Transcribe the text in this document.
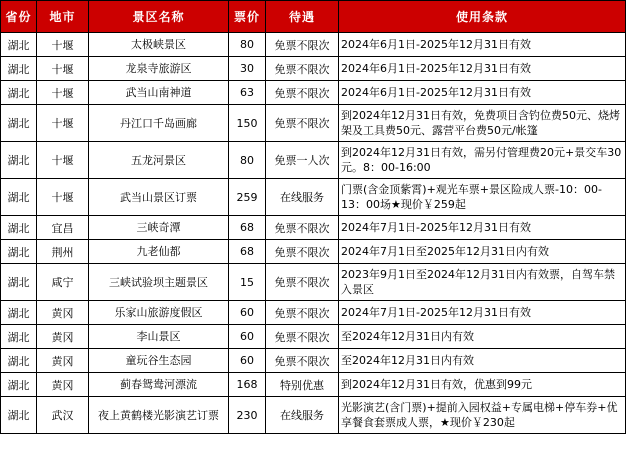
省份	地市	景区名称	票价	待遇	使用条款
湖北	十堰	太极峡景区	80	免票不限次	2024年6月1日-2025年12月31日有效
湖北	十堰	龙泉寺旅游区	30	免票不限次	2024年6月1日-2025年12月31日有效
湖北	十堰	武当山南神道	63	免票不限次	2024年6月1日-2025年12月31日有效
湖北	十堰	丹江口千岛画廊	150	免票不限次	到2024年12月31日有效，免费项目含钓位费50元、烧烤架及工具费50元、露营平台费50元/帐篷
湖北	十堰	五龙河景区	80	免票一人次	到2024年12月31日有效，需另付管理费20元+景交车30元。8：00-16:00
湖北	十堰	武当山景区订票	259	在线服务	门票(含金顶紫霄)+观光车票+景区险成人票-10：00-13：00场★现价￥259起
湖北	宜昌	三峡奇潭	68	免票不限次	2024年7月1日-2025年12月31日有效
湖北	荆州	九老仙都	68	免票不限次	2024年7月1日至2025年12月31日内有效
湖北	咸宁	三峡试验坝主题景区	15	免票不限次	2023年9月1日至2024年12月31日内有效票，自驾车禁入景区
湖北	黄冈	乐家山旅游度假区	60	免票不限次	2024年7月1日-2025年12月31日有效
湖北	黄冈	李山景区	60	免票不限次	至2024年12月31日内有效
湖北	黄冈	童玩谷生态园	60	免票不限次	至2024年12月31日内有效
湖北	黄冈	蓟春鸳鸯河漂流	168	特别优惠	到2024年12月31日有效，优惠到99元
湖北	武汉	夜上黄鹤楼光影演艺订票	230	在线服务	光影演艺(含门票)+提前入园权益+专属电梯+停车券+优享餐食套票成人票，★现价￥230起
